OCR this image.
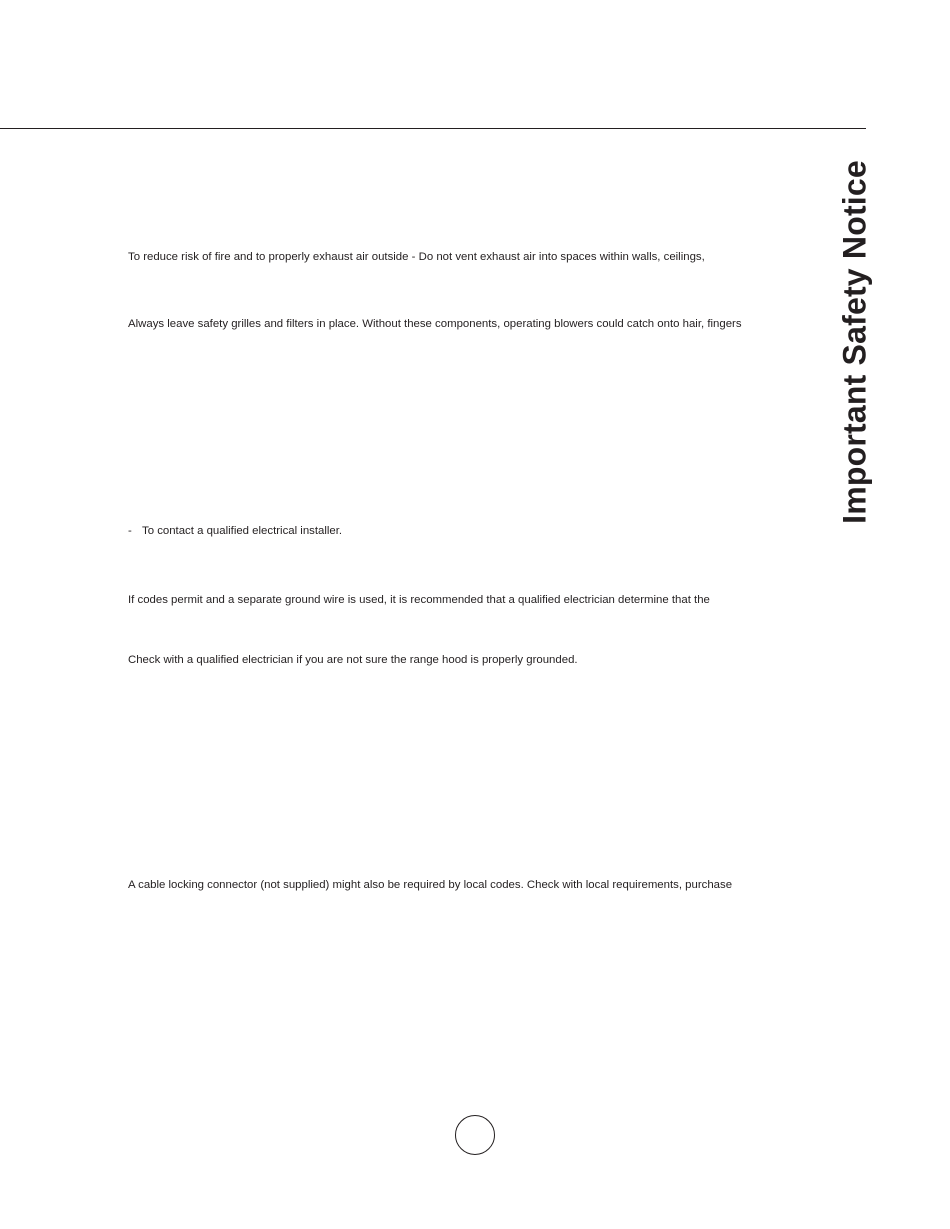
Important Safety Notice
To reduce risk of fire and to properly exhaust air outside - Do not vent exhaust air into spaces within walls, ceilings,
Always leave safety grilles and filters in place. Without these components, operating blowers could catch onto hair, fingers
- To contact a qualified electrical installer.
If codes permit and a separate ground wire is used, it is recommended that a qualified electrician determine that the
Check with a qualified electrician if you are not sure the range hood is properly grounded.
A cable locking connector (not supplied) might also be required by local codes. Check with local requirements, purchase
